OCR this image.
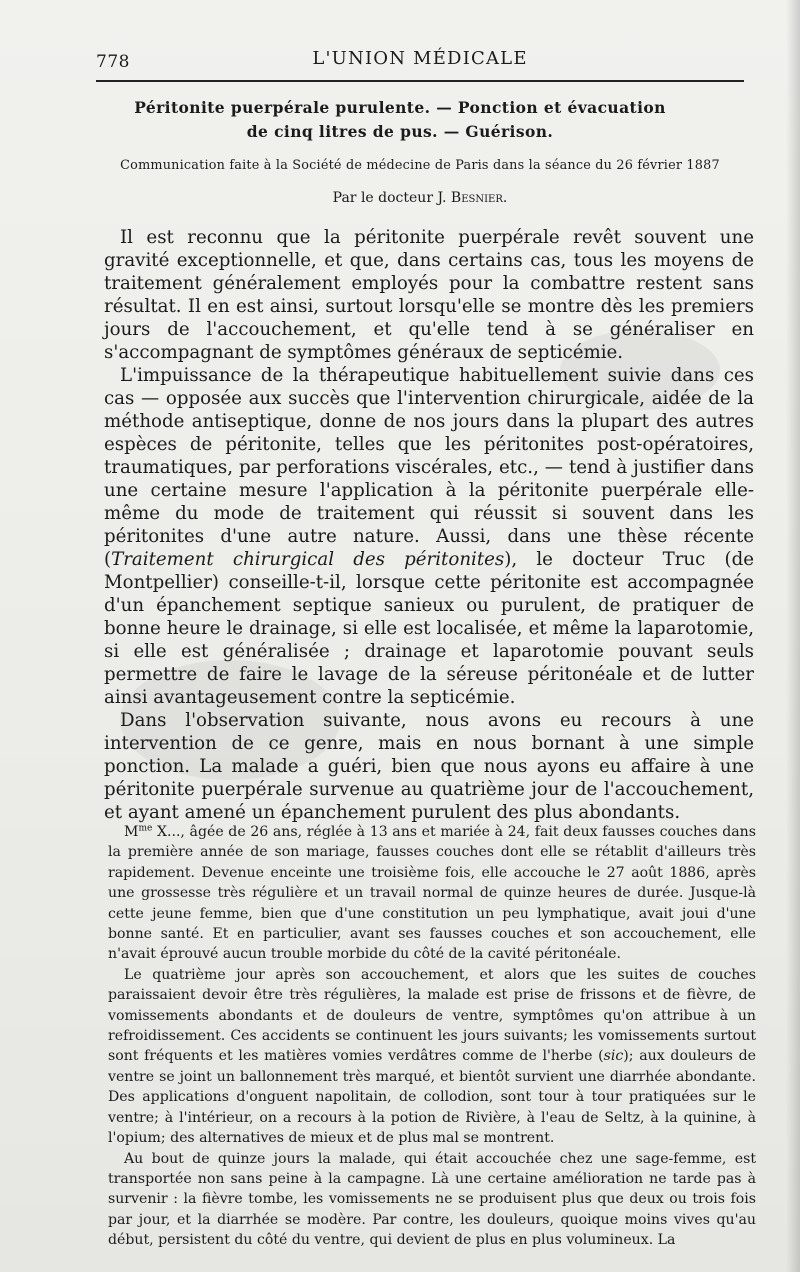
778	L'UNION MÉDICALE
Péritonite puerpérale purulente. — Ponction et évacuation
de cinq litres de pus. — Guérison.
Communication faite à la Société de médecine de Paris dans la séance du 26 février 1887
Par le docteur J. Besnier.

Il est reconnu que la péritonite puerpérale revêt souvent une gravité exceptionnelle, et que, dans certains cas, tous les moyens de traitement généralement employés pour la combattre restent sans résultat. Il en est ainsi, surtout lorsqu'elle se montre dès les premiers jours de l'accouchement, et qu'elle tend à se généraliser en s'accompagnant de symptômes généraux de septicémie.

L'impuissance de la thérapeutique habituellement suivie dans ces cas — opposée aux succès que l'intervention chirurgicale, aidée de la méthode antiseptique, donne de nos jours dans la plupart des autres espèces de péritonite, telles que les péritonites post-opératoires, traumatiques, par perforations viscérales, etc., — tend à justifier dans une certaine mesure l'application à la péritonite puerpérale elle-même du mode de traitement qui réussit si souvent dans les péritonites d'une autre nature. Aussi, dans une thèse récente (Traitement chirurgical des péritonites), le docteur Truc (de Montpellier) conseille-t-il, lorsque cette péritonite est accompagnée d'un épanchement septique sanieux ou purulent, de pratiquer de bonne heure le drainage, si elle est localisée, et même la laparotomie, si elle est généralisée ; drainage et laparotomie pouvant seuls permettre de faire le lavage de la séreuse péritonéale et de lutter ainsi avantageusement contre la septicémie.

Dans l'observation suivante, nous avons eu recours à une intervention de ce genre, mais en nous bornant à une simple ponction. La malade a guéri, bien que nous ayons eu affaire à une péritonite puerpérale survenue au quatrième jour de l'accouchement, et ayant amené un épanchement purulent des plus abondants.

$M^{me}$ X..., âgée de 26 ans, réglée à 13 ans et mariée à 24, fait deux fausses couches dans la première année de son mariage, fausses couches dont elle se rétablit d'ailleurs très rapidement. Devenue enceinte une troisième fois, elle accouche le 27 août 1886, après une grossesse très régulière et un travail normal de quinze heures de durée. Jusque-là cette jeune femme, bien que d'une constitution un peu lymphatique, avait joui d'une bonne santé. Et en particulier, avant ses fausses couches et son accouchement, elle n'avait éprouvé aucun trouble morbide du côté de la cavité péritonéale.

Le quatrième jour après son accouchement, et alors que les suites de couches paraissaient devoir être très régulières, la malade est prise de frissons et de fièvre, de vomissements abondants et de douleurs de ventre, symptômes qu'on attribue à un refroidissement. Ces accidents se continuent les jours suivants; les vomissements surtout sont fréquents et les matières vomies verdâtres comme de l'herbe (sic); aux douleurs de ventre se joint un ballonnement très marqué, et bientôt survient une diarrhée abondante. Des applications d'onguent napolitain, de collodion, sont tour à tour pratiquées sur le ventre; à l'intérieur, on a recours à la potion de Rivière, à l'eau de Seltz, à la quinine, à l'opium; des alternatives de mieux et de plus mal se montrent.

Au bout de quinze jours la malade, qui était accouchée chez une sage-femme, est transportée non sans peine à la campagne. Là une certaine amélioration ne tarde pas à survenir : la fièvre tombe, les vomissements ne se produisent plus que deux ou trois fois par jour, et la diarrhée se modère. Par contre, les douleurs, quoique moins vives qu'au début, persistent du côté du ventre, qui devient de plus en plus volumineux. La
